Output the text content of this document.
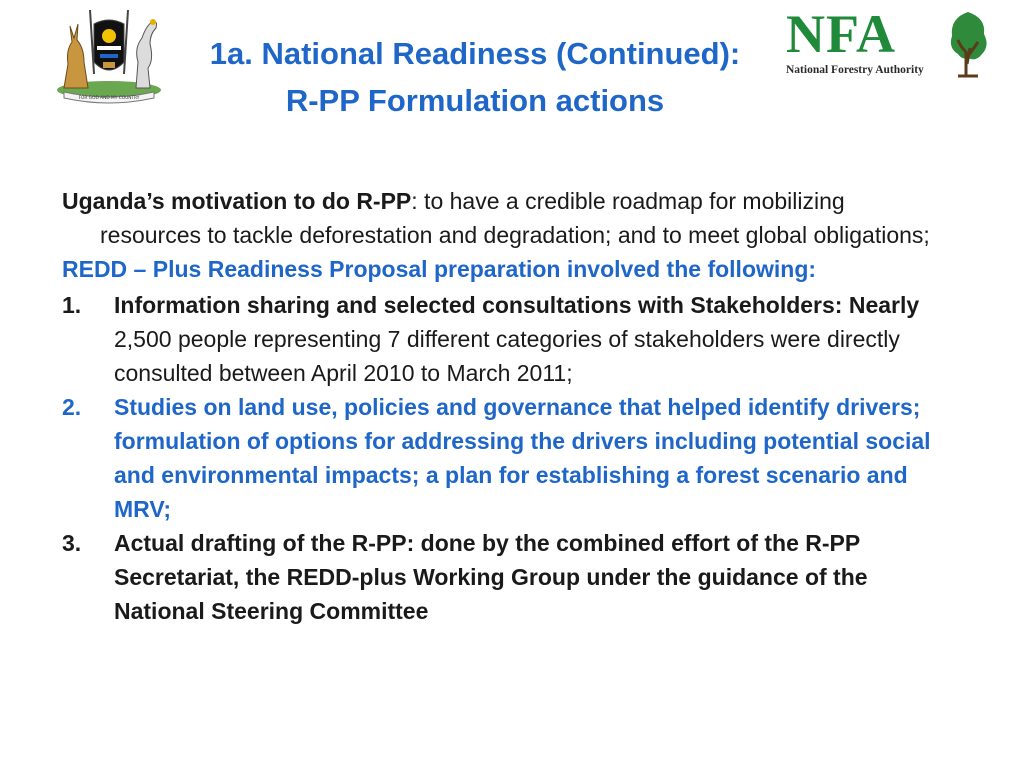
FOR GOD AND MY COUNTRY
1a. National Readiness (Continued):
R-PP Formulation actions
NFA
National Forestry Authority

Uganda’s motivation to do R-PP: to have a credible roadmap for mobilizing resources to tackle deforestation and degradation; and to meet global obligations;

REDD – Plus Readiness Proposal preparation involved the following:

1. Information sharing and selected consultations with Stakeholders: Nearly 2,500 people representing 7 different categories of stakeholders were directly consulted between April 2010 to March 2011;
2. Studies on land use, policies and governance that helped identify drivers; formulation of options for addressing the drivers including potential social and environmental impacts; a plan for establishing a forest scenario and MRV;
3. Actual drafting of the R-PP: done by the combined effort of the R-PP Secretariat, the REDD-plus Working Group under the guidance of the National Steering Committee
